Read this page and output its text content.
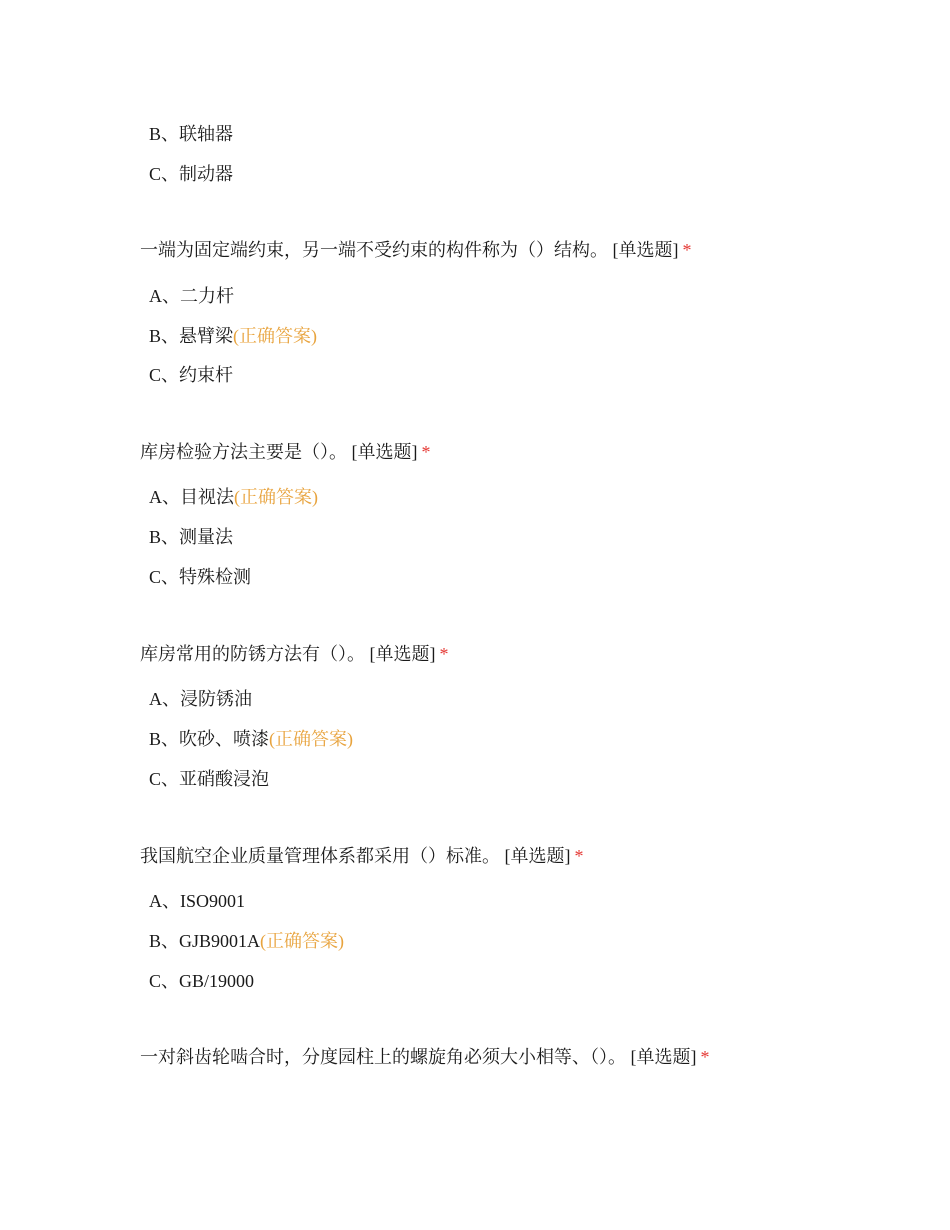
B、联轴器
C、制动器
一端为固定端约束，另一端不受约束的构件称为（）结构。 [单选题] *
A、二力杆
B、悬臂梁(正确答案)
C、约束杆
库房检验方法主要是（）。 [单选题] *
A、目视法(正确答案)
B、测量法
C、特殊检测
库房常用的防锈方法有（）。 [单选题] *
A、浸防锈油
B、吹砂、喷漆(正确答案)
C、亚硝酸浸泡
我国航空企业质量管理体系都采用（）标准。 [单选题] *
A、ISO9001
B、GJB9001A(正确答案)
C、GB/19000
一对斜齿轮啮合时，分度园柱上的螺旋角必须大小相等、（）。 [单选题] *
